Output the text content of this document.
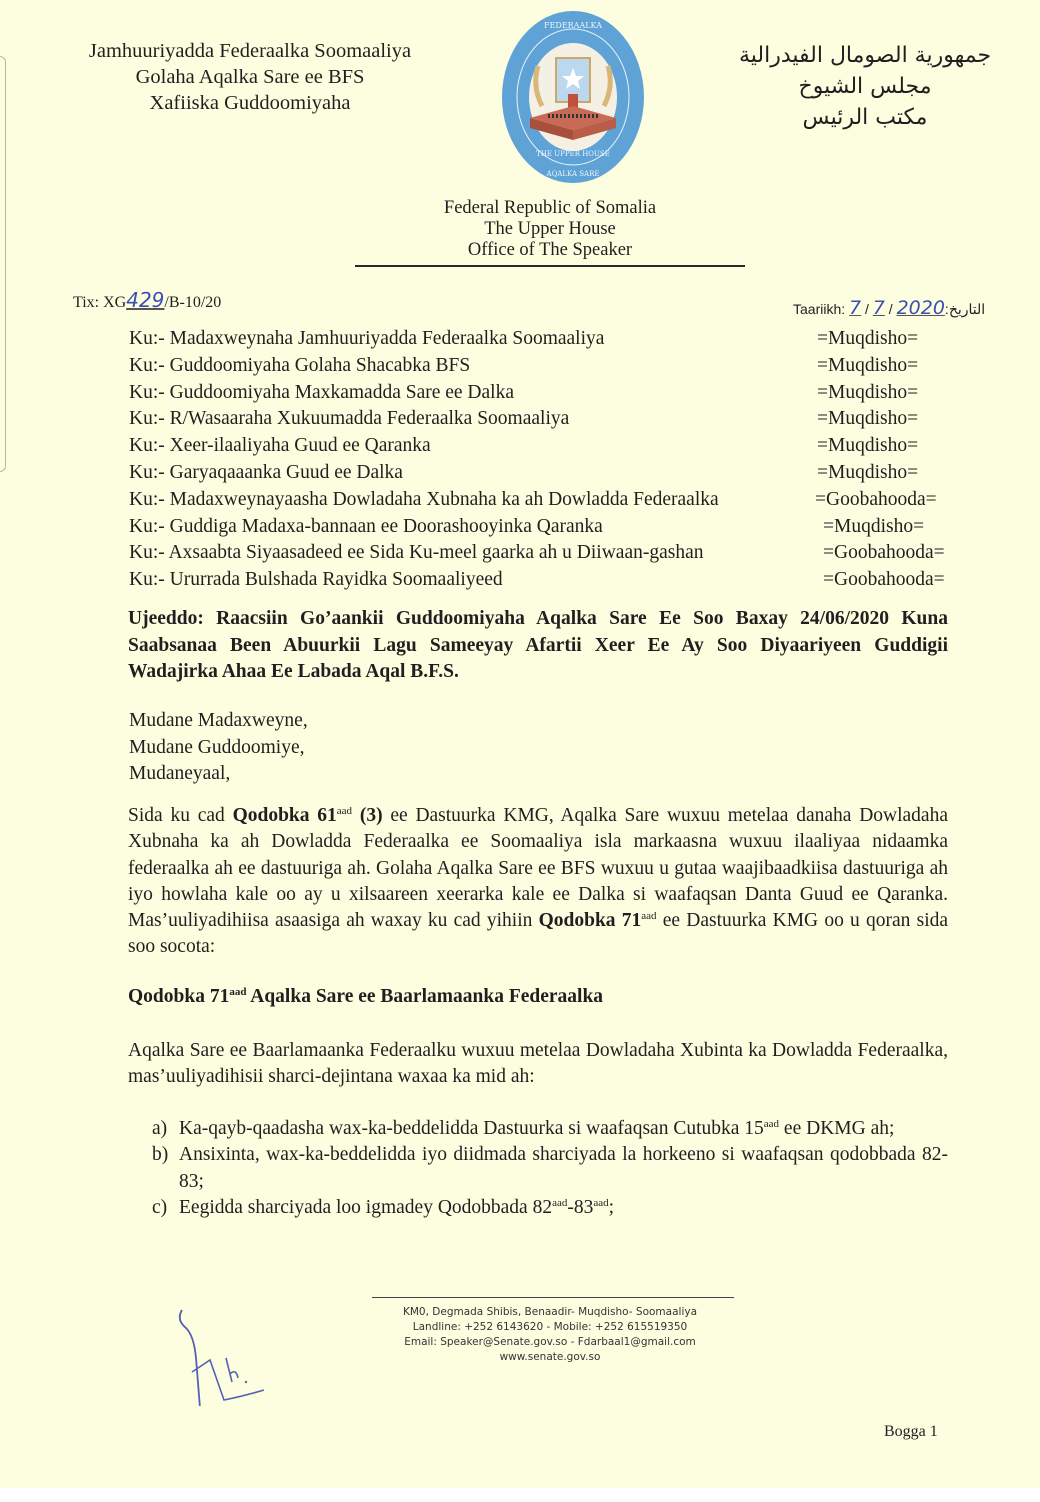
Jamhuuriyadda Federaalka Soomaaliya
Golaha Aqalka Sare ee BFS
Xafiiska Guddoomiyaha
FEDERAALKA
THE UPPER HOUSE
AQALKA SARE
جمهورية الصومال الفيدرالية
مجلس الشيوخ
مكتب الرئيس
Federal Republic of Somalia
The Upper House
Office of The Speaker
Tix: XG429/B-10/20	Taariikh: 7 / 7 / 2020:التاريخ
Ku:- Madaxweynaha Jamhuuriyadda Federaalka Soomaaliya	=Muqdisho=
Ku:- Guddoomiyaha Golaha Shacabka BFS	=Muqdisho=
Ku:- Guddoomiyaha Maxkamadda Sare ee Dalka	=Muqdisho=
Ku:- R/Wasaaraha Xukuumadda Federaalka Soomaaliya	=Muqdisho=
Ku:- Xeer-ilaaliyaha Guud ee Qaranka	=Muqdisho=
Ku:- Garyaqaaanka Guud ee Dalka	=Muqdisho=
Ku:- Madaxweynayaasha Dowladaha Xubnaha ka ah Dowladda Federaalka	=Goobahooda=
Ku:- Guddiga Madaxa-bannaan ee Doorashooyinka Qaranka	=Muqdisho=
Ku:- Axsaabta Siyaasadeed ee Sida Ku-meel gaarka ah u Diiwaan-gashan	=Goobahooda=
Ku:- Ururrada Bulshada Rayidka Soomaaliyeed	=Goobahooda=
Ujeeddo: Raacsiin Go’aankii Guddoomiyaha Aqalka Sare Ee Soo Baxay 24/06/2020 Kuna Saabsanaa Been Abuurkii Lagu Sameeyay Afartii Xeer Ee Ay Soo Diyaariyeen Guddigii Wadajirka Ahaa Ee Labada Aqal B.F.S.
Mudane Madaxweyne,
Mudane Guddoomiye,
Mudaneyaal,
Sida ku cad Qodobka $61^{aad}$ (3) ee Dastuurka KMG, Aqalka Sare wuxuu metelaa danaha Dowladaha Xubnaha ka ah Dowladda Federaalka ee Soomaaliya isla markaasna wuxuu ilaaliyaa nidaamka federaalka ah ee dastuuriga ah. Golaha Aqalka Sare ee BFS wuxuu u gutaa waajibaadkiisa dastuuriga ah iyo howlaha kale oo ay u xilsaareen xeerarka kale ee Dalka si waafaqsan Danta Guud ee Qaranka. Mas’uuliyadihiisa asaasiga ah waxay ku cad yihiin Qodobka $71^{aad}$ ee Dastuurka KMG oo u qoran sida soo socota:
Qodobka $71^{aad}$ Aqalka Sare ee Baarlamaanka Federaalka
Aqalka Sare ee Baarlamaanka Federaalku wuxuu metelaa Dowladaha Xubinta ka Dowladda Federaalka, mas’uuliyadihisii sharci-dejintana waxaa ka mid ah:
a) Ka-qayb-qaadasha wax-ka-beddelidda Dastuurka si waafaqsan Cutubka $15^{aad}$ ee DKMG ah;
b) Ansixinta, wax-ka-beddelidda iyo diidmada sharciyada la horkeeno si waafaqsan qodobbada 82-83;
c) Eegidda sharciyada loo igmadey Qodobbada $82^{aad}-83^{aad}$;
KM0, Degmada Shibis, Benaadir- Muqdisho- Soomaaliya
Landline: +252 6143620 - Mobile: +252 615519350
Email: Speaker@Senate.gov.so - Fdarbaal1@gmail.com
www.senate.gov.so
Bogga 1
